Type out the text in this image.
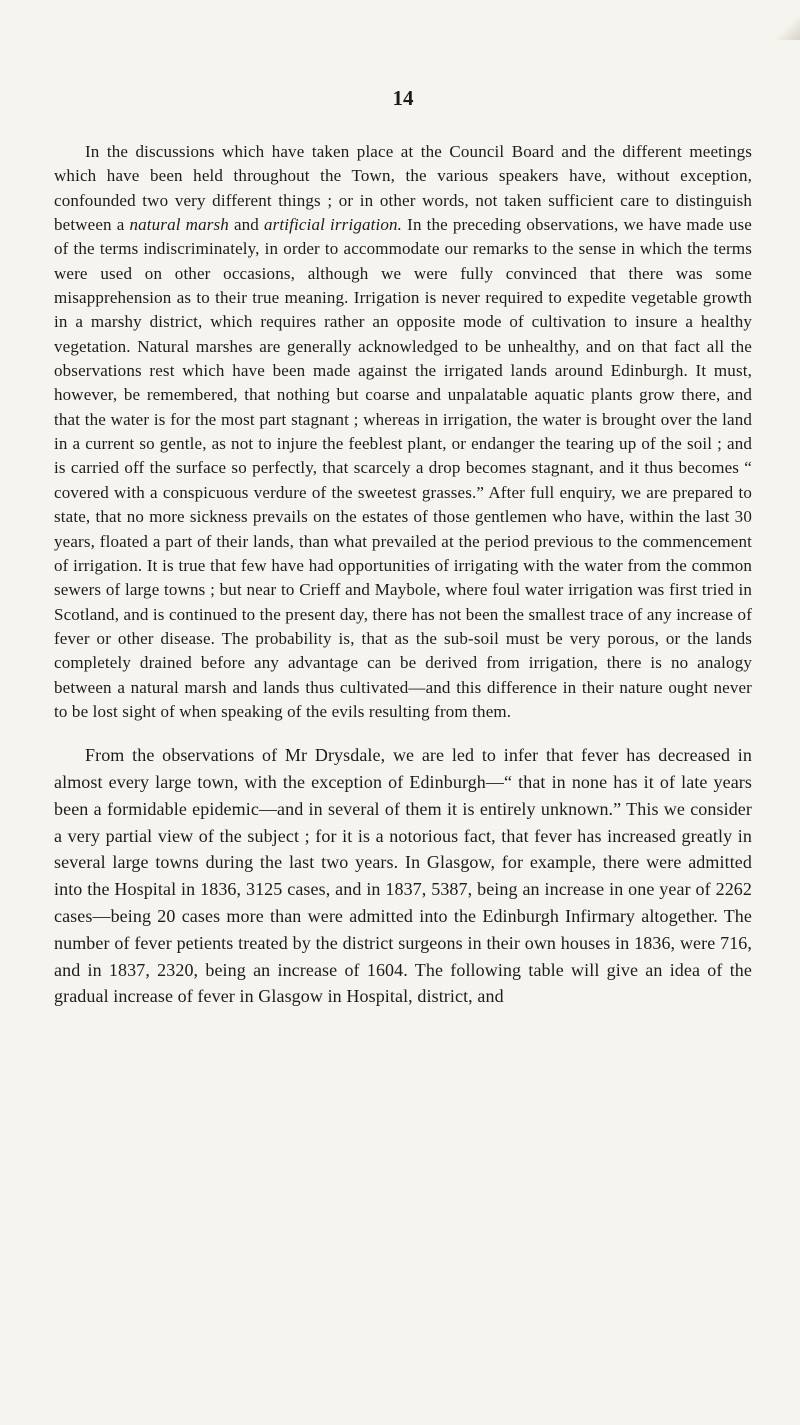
14

In the discussions which have taken place at the Council Board and the different meetings which have been held throughout the Town, the various speakers have, without exception, confounded two very different things ; or in other words, not taken sufficient care to distinguish between a natural marsh and artificial irrigation. In the preceding observations, we have made use of the terms indiscriminately, in order to accommodate our remarks to the sense in which the terms were used on other occasions, although we were fully convinced that there was some misapprehension as to their true meaning. Irrigation is never required to expedite vegetable growth in a marshy district, which requires rather an opposite mode of cultivation to insure a healthy vegetation. Natural marshes are generally acknowledged to be unhealthy, and on that fact all the observations rest which have been made against the irrigated lands around Edinburgh. It must, however, be remembered, that nothing but coarse and unpalatable aquatic plants grow there, and that the water is for the most part stagnant ; whereas in irrigation, the water is brought over the land in a current so gentle, as not to injure the feeblest plant, or endanger the tearing up of the soil ; and is carried off the surface so perfectly, that scarcely a drop becomes stagnant, and it thus becomes “ covered with a conspicuous verdure of the sweetest grasses.” After full enquiry, we are prepared to state, that no more sickness prevails on the estates of those gentlemen who have, within the last 30 years, floated a part of their lands, than what prevailed at the period previous to the commencement of irrigation. It is true that few have had opportunities of irrigating with the water from the common sewers of large towns ; but near to Crieff and Maybole, where foul water irrigation was first tried in Scotland, and is continued to the present day, there has not been the smallest trace of any increase of fever or other disease. The probability is, that as the sub-soil must be very porous, or the lands completely drained before any advantage can be derived from irrigation, there is no analogy between a natural marsh and lands thus cultivated—and this difference in their nature ought never to be lost sight of when speaking of the evils resulting from them.

From the observations of Mr Drysdale, we are led to infer that fever has decreased in almost every large town, with the exception of Edinburgh—“ that in none has it of late years been a formidable epidemic—and in several of them it is entirely unknown.” This we consider a very partial view of the subject ; for it is a notorious fact, that fever has increased greatly in several large towns during the last two years. In Glasgow, for example, there were admitted into the Hospital in 1836, 3125 cases, and in 1837, 5387, being an increase in one year of 2262 cases—being 20 cases more than were admitted into the Edinburgh Infirmary altogether. The number of fever petients treated by the district surgeons in their own houses in 1836, were 716, and in 1837, 2320, being an increase of 1604. The following table will give an idea of the gradual increase of fever in Glasgow in Hospital, district, and
